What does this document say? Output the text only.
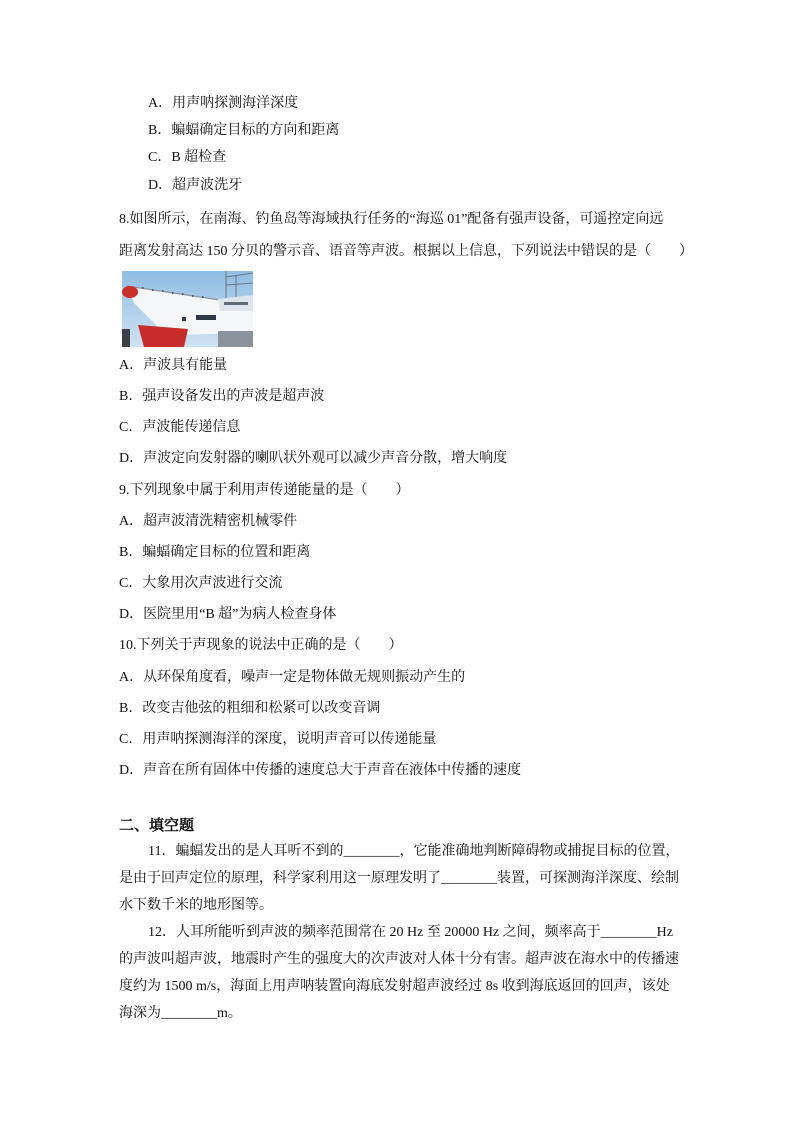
A．用声呐探测海洋深度
B．蝙蝠确定目标的方向和距离
C．B 超检查
D．超声波洗牙
8.如图所示，在南海、钓鱼岛等海域执行任务的“海巡 01”配备有强声设备，可遥控定向远
距离发射高达 150 分贝的警示音、语音等声波。根据以上信息，下列说法中错误的是（　　）
A．声波具有能量
B．强声设备发出的声波是超声波
C．声波能传递信息
D．声波定向发射器的喇叭状外观可以减少声音分散，增大响度
9.下列现象中属于利用声传递能量的是（　　）
A．超声波清洗精密机械零件
B．蝙蝠确定目标的位置和距离
C．大象用次声波进行交流
D．医院里用“B 超”为病人检查身体
10.下列关于声现象的说法中正确的是（　　）
A．从环保角度看，噪声一定是物体做无规则振动产生的
B．改变吉他弦的粗细和松紧可以改变音调
C．用声呐探测海洋的深度，说明声音可以传递能量
D．声音在所有固体中传播的速度总大于声音在液体中传播的速度
二、填空题
11．蝙蝠发出的是人耳听不到的________，它能准确地判断障碍物或捕捉目标的位置，
是由于回声定位的原理，科学家利用这一原理发明了________装置，可探测海洋深度、绘制
水下数千米的地形图等。
12．人耳所能听到声波的频率范围常在 20 Hz 至 20000 Hz 之间，频率高于________Hz
的声波叫超声波，地震时产生的强度大的次声波对人体十分有害。超声波在海水中的传播速
度约为 1500 m/s，海面上用声呐装置向海底发射超声波经过 8s 收到海底返回的回声，该处
海深为________m。
